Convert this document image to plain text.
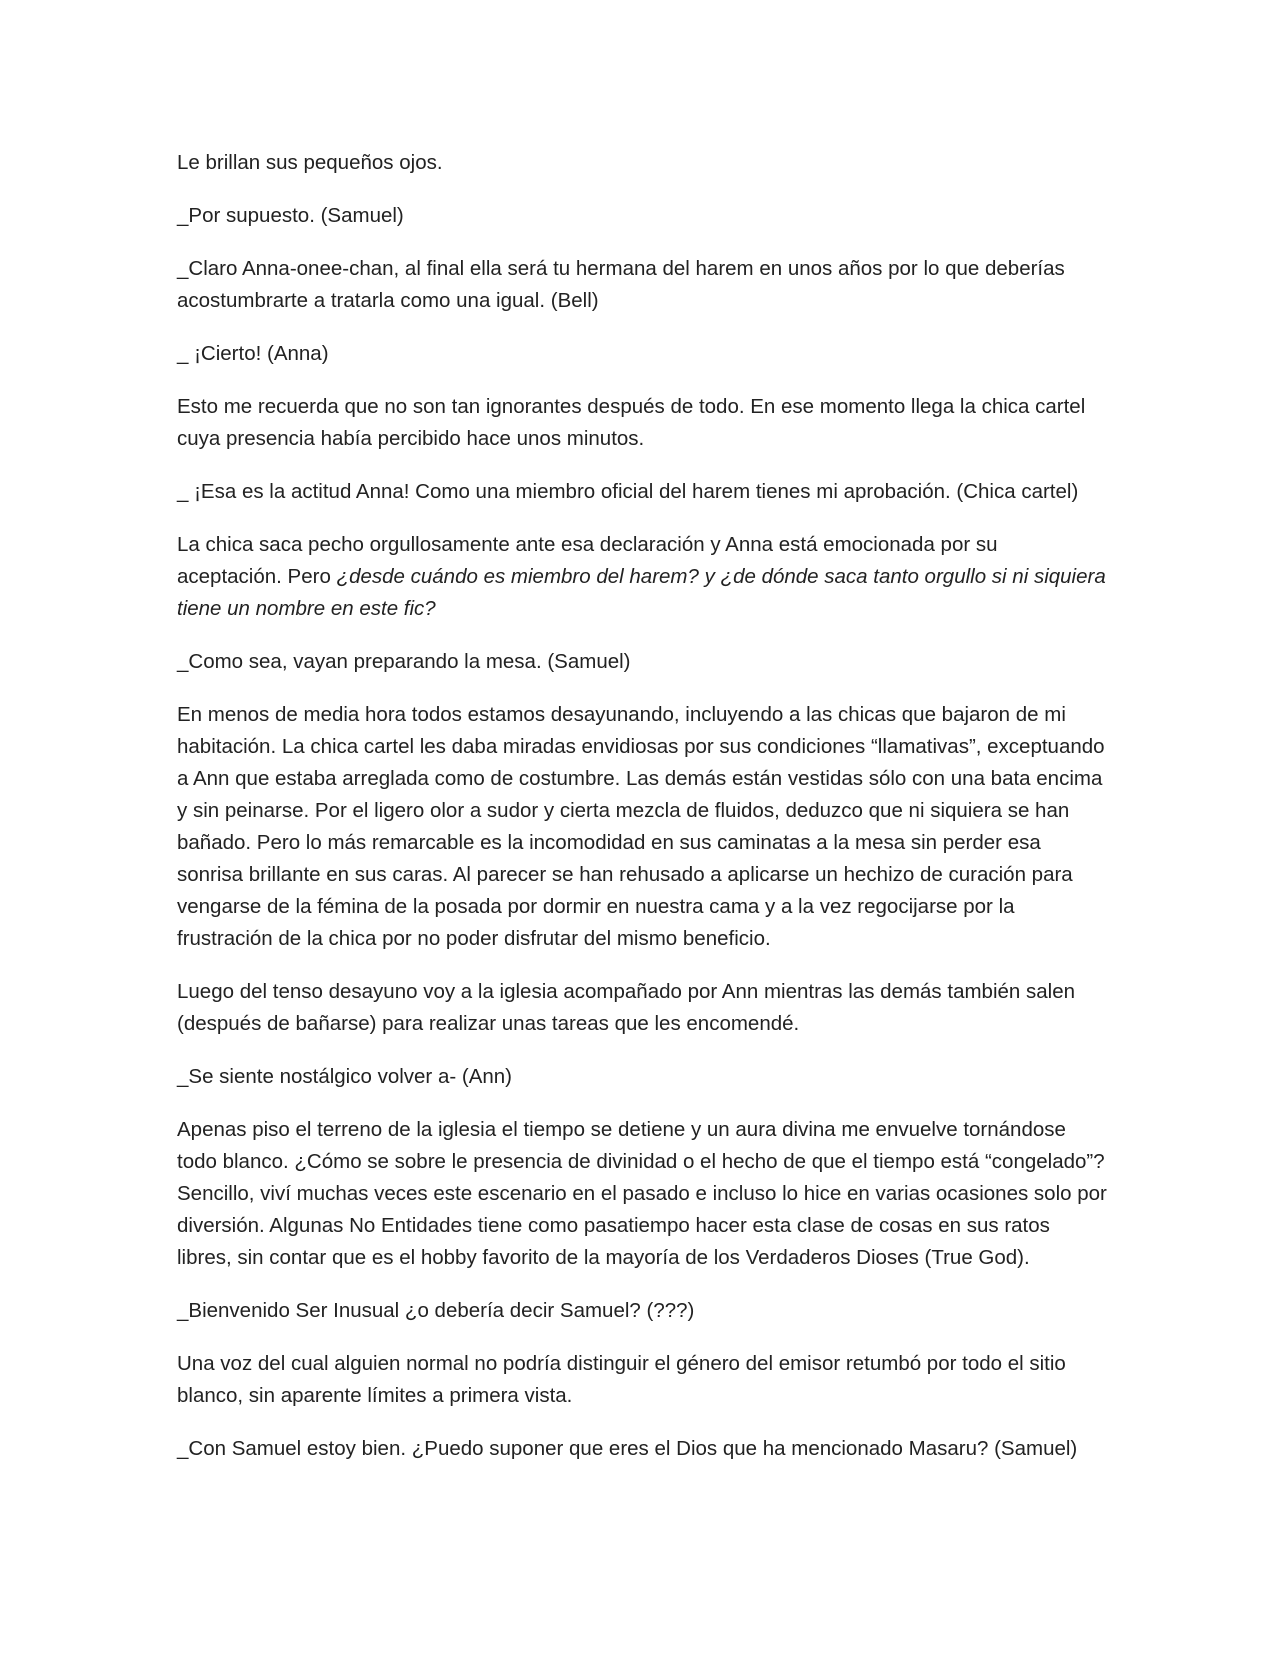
Le brillan sus pequeños ojos.

_Por supuesto. (Samuel)

_Claro Anna-onee-chan, al final ella será tu hermana del harem en unos años por lo que deberías acostumbrarte a tratarla como una igual. (Bell)

_ ¡Cierto! (Anna)

Esto me recuerda que no son tan ignorantes después de todo. En ese momento llega la chica cartel cuya presencia había percibido hace unos minutos.

_ ¡Esa es la actitud Anna! Como una miembro oficial del harem tienes mi aprobación. (Chica cartel)

La chica saca pecho orgullosamente ante esa declaración y Anna está emocionada por su aceptación. Pero ¿desde cuándo es miembro del harem? y ¿de dónde saca tanto orgullo si ni siquiera tiene un nombre en este fic?

_Como sea, vayan preparando la mesa. (Samuel)

En menos de media hora todos estamos desayunando, incluyendo a las chicas que bajaron de mi habitación. La chica cartel les daba miradas envidiosas por sus condiciones “llamativas”, exceptuando a Ann que estaba arreglada como de costumbre. Las demás están vestidas sólo con una bata encima y sin peinarse. Por el ligero olor a sudor y cierta mezcla de fluidos, deduzco que ni siquiera se han bañado. Pero lo más remarcable es la incomodidad en sus caminatas a la mesa sin perder esa sonrisa brillante en sus caras. Al parecer se han rehusado a aplicarse un hechizo de curación para vengarse de la fémina de la posada por dormir en nuestra cama y a la vez regocijarse por la frustración de la chica por no poder disfrutar del mismo beneficio.

Luego del tenso desayuno voy a la iglesia acompañado por Ann mientras las demás también salen (después de bañarse) para realizar unas tareas que les encomendé.

_Se siente nostálgico volver a- (Ann)

Apenas piso el terreno de la iglesia el tiempo se detiene y un aura divina me envuelve tornándose todo blanco. ¿Cómo se sobre le presencia de divinidad o el hecho de que el tiempo está “congelado”? Sencillo, viví muchas veces este escenario en el pasado e incluso lo hice en varias ocasiones solo por diversión. Algunas No Entidades tiene como pasatiempo hacer esta clase de cosas en sus ratos libres, sin contar que es el hobby favorito de la mayoría de los Verdaderos Dioses (True God).

_Bienvenido Ser Inusual ¿o debería decir Samuel? (???)

Una voz del cual alguien normal no podría distinguir el género del emisor retumbó por todo el sitio blanco, sin aparente límites a primera vista.

_Con Samuel estoy bien. ¿Puedo suponer que eres el Dios que ha mencionado Masaru? (Samuel)
